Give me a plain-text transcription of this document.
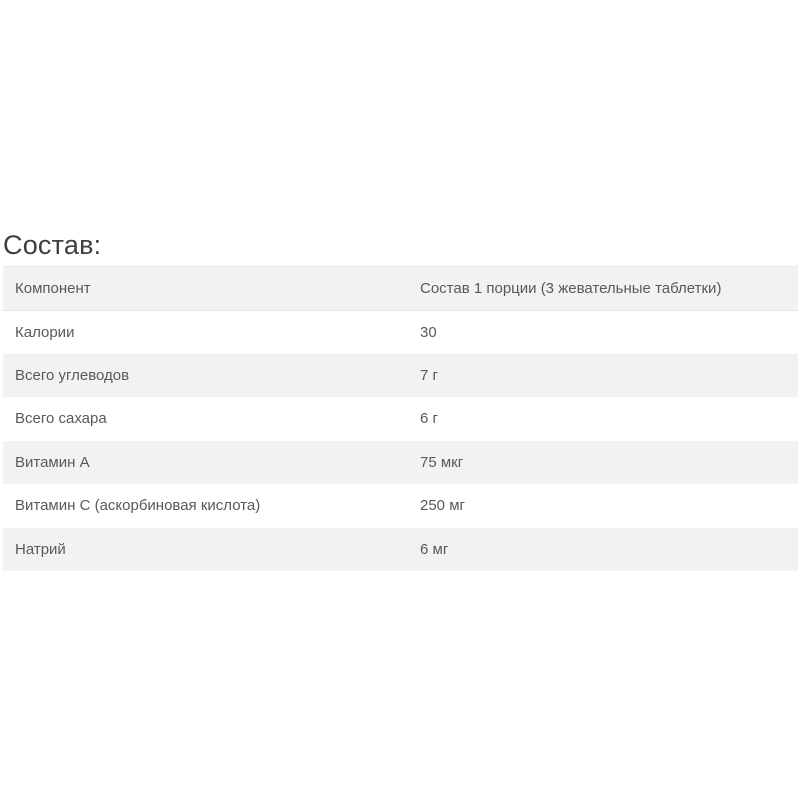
Состав:
Компонент	Состав 1 порции (3 жевательные таблетки)
Калории	30
Всего углеводов	7 г
Всего сахара	6 г
Витамин A	75 мкг
Витамин C (аскорбиновая кислота)	250 мг
Натрий	6 мг
